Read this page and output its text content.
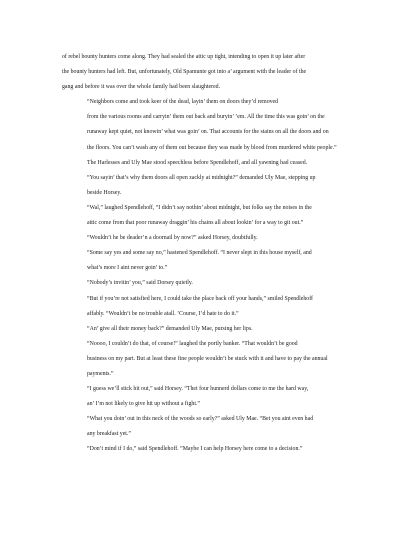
of rebel bounty hunters come along. They had sealed the attic up tight, intending to open it up later after
the bounty hunters had left. But, unfortunately, Old Spamunte got into a’ argument with the leader of the
gang and before it was over the whole family had been slaughtered.

“Neighbors come and took keer of the dead, layin’ them on doors they’d removed
from the various rooms and carryin’ them out back and buryin’ ’em. All the time this was goin’ on the
runaway kept quiet, not knowin’ what was goin’ on. That accounts for the stains on all the doors and on
the floors. You can’t wash any of them out because they was made by blood from murdered white people.”

The Harlesses and Uly Mae stood speechless before Spendlehoff, and all yawning had ceased.

“You sayin’ that’s why them doors all open zackly at midnight?” demanded Uly Mae, stepping up
beside Horsey.

“Wal,” laughed Spendlehoff, “I didn’t say nothin’ about midnight, but folks say the noises in the
attic come from that poor runaway draggin’ his chains all about lookin’ for a way to git out.”

“Wouldn’t he be deader’n a doornail by now?” asked Horsey, doubtfully.

“Some say yes and some say no,” hastened Spendlehoff. “I never slept in this house myself, and
what’s more I aint never goin’ to.”

“Nobody’s invitin’ you,” said Dorsey quietly.

“But if you’re not satisfied here, I could take the place back off your hands,” smiled Spendlehoff
affably. “Wouldn’t be no trouble atall. ’Course, I’d hate to do it.”

“An’ give all their money back?” demanded Uly Mae, pursing her lips.

“Noooo, I couldn’t do that, of course!” laughed the portly banker. “That wouldn’t be good
business on my part. But at least these fine people wouldn’t be stuck with it and have to pay the annual
payments.”

“I guess we’ll stick hit out,” said Horsey. “Thet four hunnerd dollars come to me the hard way,
an’ I’m not likely to give hit up without a fight.”

“What you doin’ out in this neck of the woods so early?” asked Uly Mae. “Bet you aint even had
any breakfast yet.”

“Don’t mind if I do,” said Spendlehoff. “Maybe I can help Horsey here come to a decision.”
